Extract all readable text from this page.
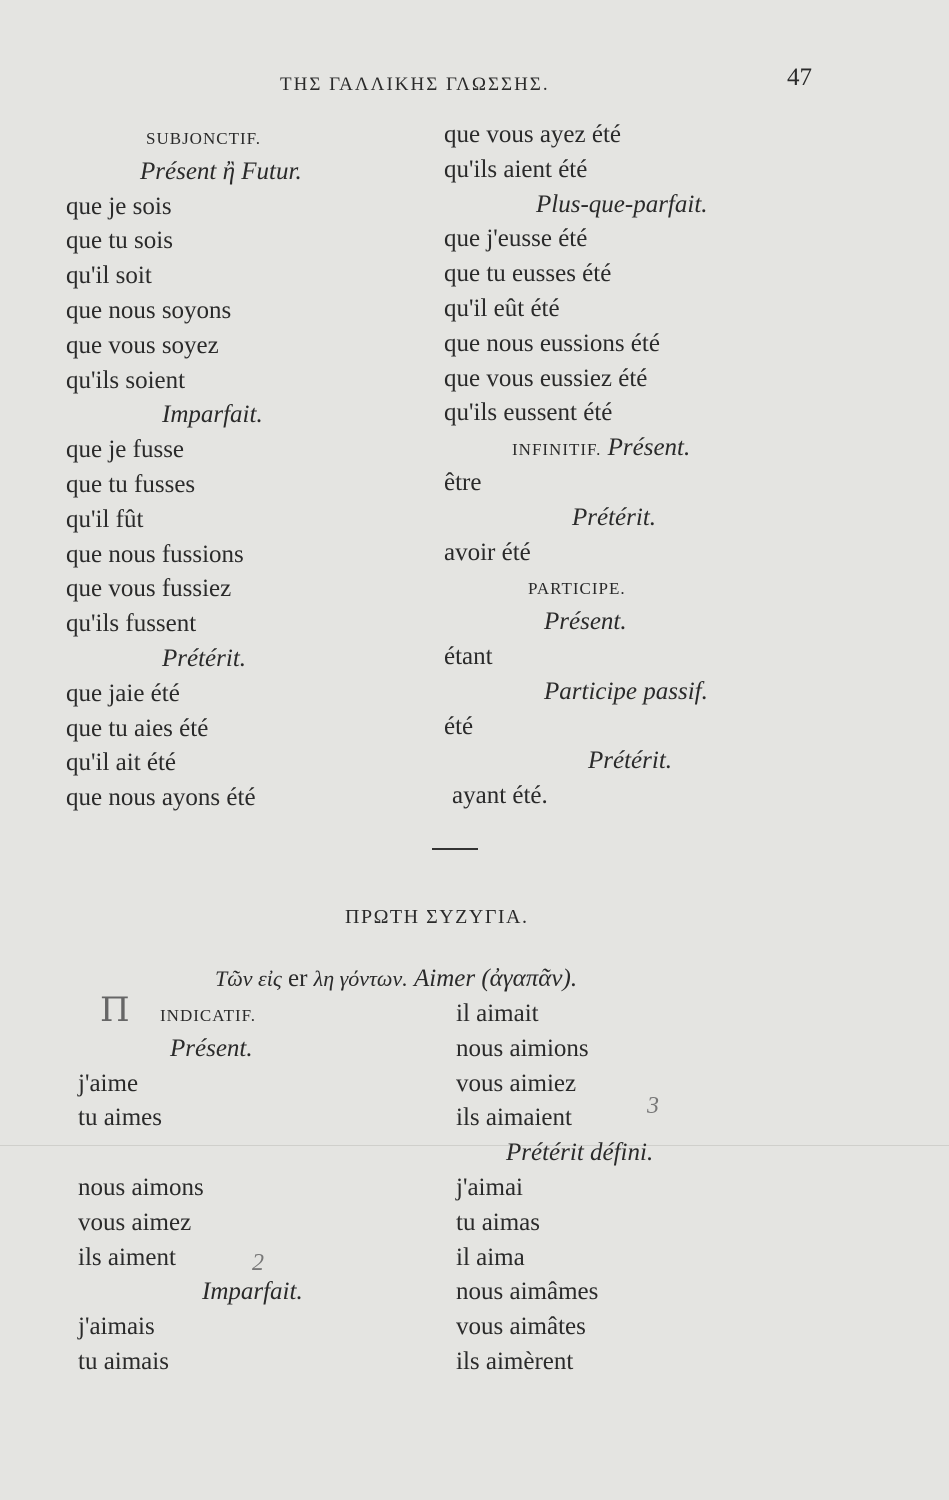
ΤΗΣ ΓΑΛΛΙΚΗΣ ΓΛΩΣΣΗΣ.	47
SUBJONCTIF.
Présent ἢ Futur.
que je sois
que tu sois
qu'il soit
que nous soyons
que vous soyez
qu'ils soient
Imparfait.
que je fusse
que tu fusses
qu'il fût
que nous fussions
que vous fussiez
qu'ils fussent
Prétérit.
que jaie été
que tu aies été
qu'il ait été
que nous ayons été
que vous ayez été
qu'ils aient été
Plus-que-parfait.
que j'eusse été
que tu eusses été
qu'il eût été
que nous eussions été
que vous eussiez été
qu'ils eussent été
INFINITIF. Présent.
être
Prétérit.
avoir été
PARTICIPE.
Présent.
étant
Participe passif.
été
Prétérit.
ayant été.
ΠΡΩΤΗ ΣΥΖΥΓΙΑ.
Τῶν εἰς er λη γόντων. Aimer (ἀγαπᾶν).
Π
2
3
INDICATIF.
Présent.
j'aime
tu aimes
nous aimons
vous aimez
ils aiment
Imparfait.
j'aimais
tu aimais
il aimait
nous aimions
vous aimiez
ils aimaient
Prétérit défini.
j'aimai
tu aimas
il aima
nous aimâmes
vous aimâtes
ils aimèrent
